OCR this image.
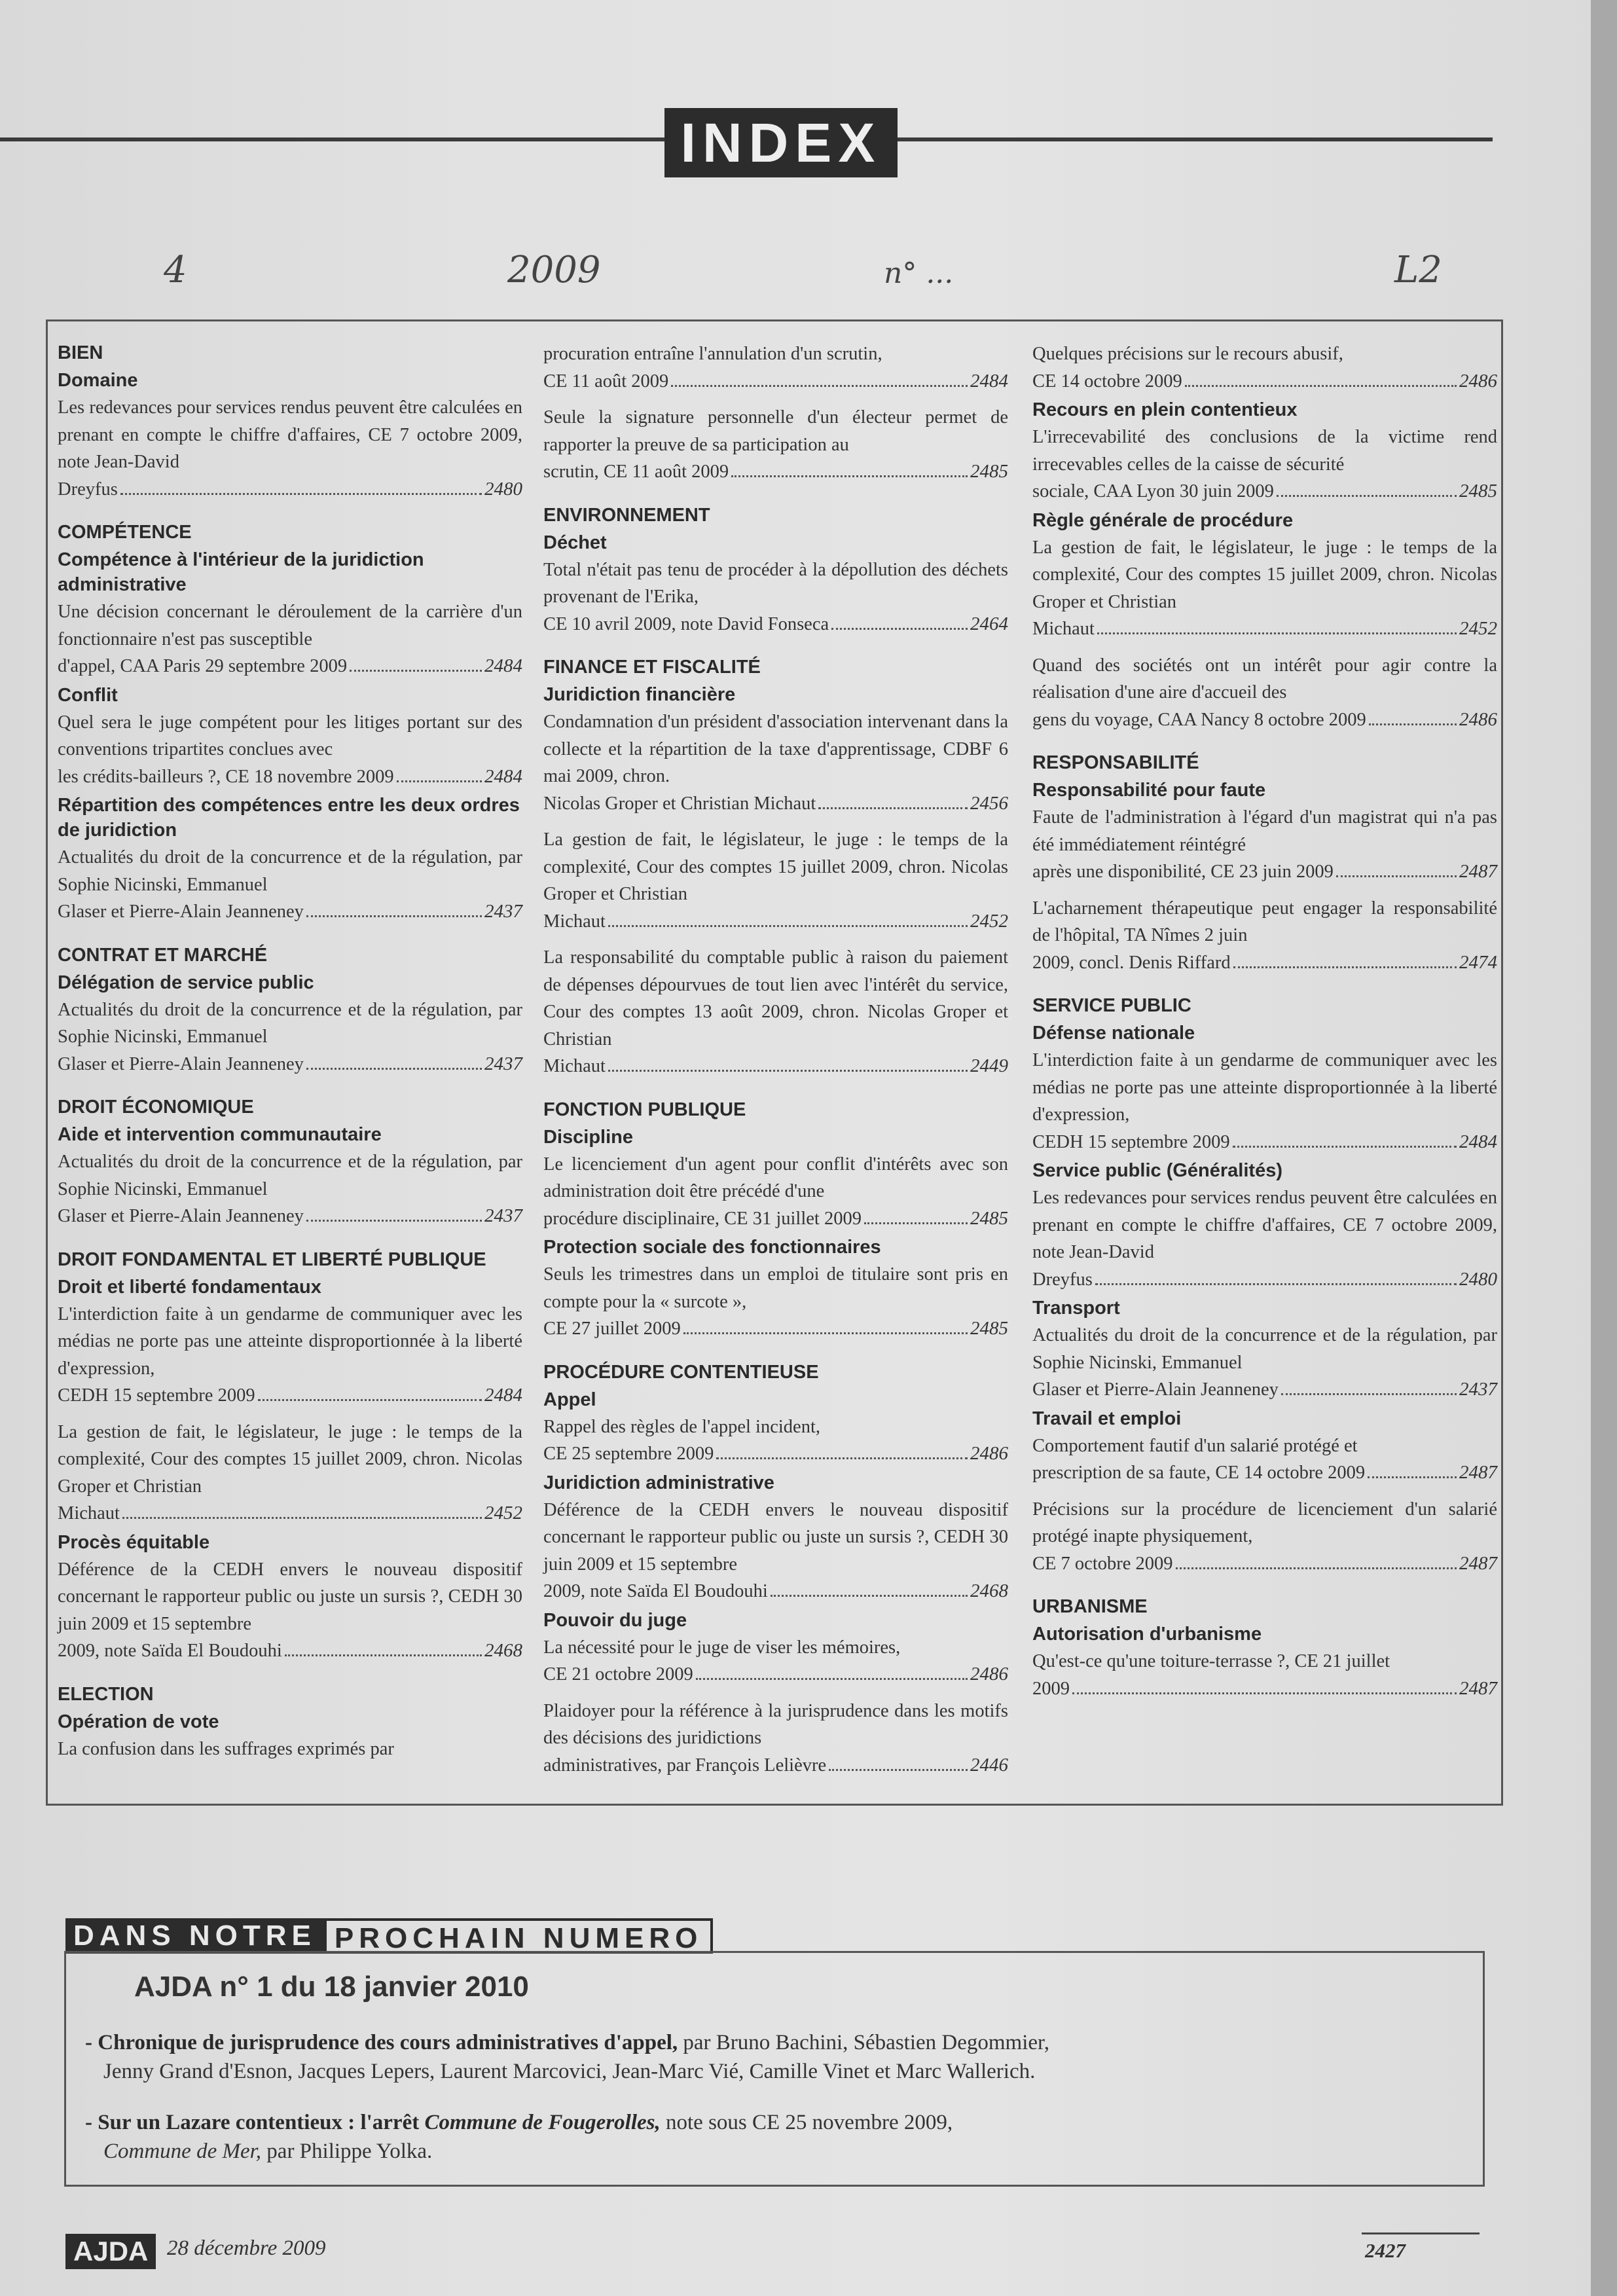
INDEX
4	2009	n° ...	L2
BIEN
Domaine
Les redevances pour services rendus peuvent être calculées en prenant en compte le chiffre d'affaires, CE 7 octobre 2009, note Jean-David
Dreyfus	2480
COMPÉTENCE
Compétence à l'intérieur de la juridiction administrative
Une décision concernant le déroulement de la carrière d'un fonctionnaire n'est pas susceptible
d'appel, CAA Paris 29 septembre 2009	2484
Conflit
Quel sera le juge compétent pour les litiges portant sur des conventions tripartites conclues avec
les crédits-bailleurs ?, CE 18 novembre 2009	2484
Répartition des compétences entre les deux ordres de juridiction
Actualités du droit de la concurrence et de la régulation, par Sophie Nicinski, Emmanuel
Glaser et Pierre-Alain Jeanneney	2437
CONTRAT ET MARCHÉ
Délégation de service public
Actualités du droit de la concurrence et de la régulation, par Sophie Nicinski, Emmanuel
Glaser et Pierre-Alain Jeanneney	2437
DROIT ÉCONOMIQUE
Aide et intervention communautaire
Actualités du droit de la concurrence et de la régulation, par Sophie Nicinski, Emmanuel
Glaser et Pierre-Alain Jeanneney	2437
DROIT FONDAMENTAL ET LIBERTÉ PUBLIQUE
Droit et liberté fondamentaux
L'interdiction faite à un gendarme de communiquer avec les médias ne porte pas une atteinte disproportionnée à la liberté d'expression,
CEDH 15 septembre 2009	2484
La gestion de fait, le législateur, le juge : le temps de la complexité, Cour des comptes 15 juillet 2009, chron. Nicolas Groper et Christian
Michaut	2452
Procès équitable
Déférence de la CEDH envers le nouveau dispositif concernant le rapporteur public ou juste un sursis ?, CEDH 30 juin 2009 et 15 septembre
2009, note Saïda El Boudouhi	2468
ELECTION
Opération de vote
La confusion dans les suffrages exprimés par
procuration entraîne l'annulation d'un scrutin,
CE 11 août 2009	2484
Seule la signature personnelle d'un électeur permet de rapporter la preuve de sa participation au
scrutin, CE 11 août 2009	2485
ENVIRONNEMENT
Déchet
Total n'était pas tenu de procéder à la dépollution des déchets provenant de l'Erika,
CE 10 avril 2009, note David Fonseca	2464
FINANCE ET FISCALITÉ
Juridiction financière
Condamnation d'un président d'association intervenant dans la collecte et la répartition de la taxe d'apprentissage, CDBF 6 mai 2009, chron.
Nicolas Groper et Christian Michaut	2456
La gestion de fait, le législateur, le juge : le temps de la complexité, Cour des comptes 15 juillet 2009, chron. Nicolas Groper et Christian
Michaut	2452
La responsabilité du comptable public à raison du paiement de dépenses dépourvues de tout lien avec l'intérêt du service, Cour des comptes 13 août 2009, chron. Nicolas Groper et Christian
Michaut	2449
FONCTION PUBLIQUE
Discipline
Le licenciement d'un agent pour conflit d'intérêts avec son administration doit être précédé d'une
procédure disciplinaire, CE 31 juillet 2009	2485
Protection sociale des fonctionnaires
Seuls les trimestres dans un emploi de titulaire sont pris en compte pour la « surcote »,
CE 27 juillet 2009	2485
PROCÉDURE CONTENTIEUSE
Appel
Rappel des règles de l'appel incident,
CE 25 septembre 2009	2486
Juridiction administrative
Déférence de la CEDH envers le nouveau dispositif concernant le rapporteur public ou juste un sursis ?, CEDH 30 juin 2009 et 15 septembre
2009, note Saïda El Boudouhi	2468
Pouvoir du juge
La nécessité pour le juge de viser les mémoires,
CE 21 octobre 2009	2486
Plaidoyer pour la référence à la jurisprudence dans les motifs des décisions des juridictions
administratives, par François Lelièvre	2446
Quelques précisions sur le recours abusif,
CE 14 octobre 2009	2486
Recours en plein contentieux
L'irrecevabilité des conclusions de la victime rend irrecevables celles de la caisse de sécurité
sociale, CAA Lyon 30 juin 2009	2485
Règle générale de procédure
La gestion de fait, le législateur, le juge : le temps de la complexité, Cour des comptes 15 juillet 2009, chron. Nicolas Groper et Christian
Michaut	2452
Quand des sociétés ont un intérêt pour agir contre la réalisation d'une aire d'accueil des
gens du voyage, CAA Nancy 8 octobre 2009	2486
RESPONSABILITÉ
Responsabilité pour faute
Faute de l'administration à l'égard d'un magistrat qui n'a pas été immédiatement réintégré
après une disponibilité, CE 23 juin 2009	2487
L'acharnement thérapeutique peut engager la responsabilité de l'hôpital, TA Nîmes 2 juin
2009, concl. Denis Riffard	2474
SERVICE PUBLIC
Défense nationale
L'interdiction faite à un gendarme de communiquer avec les médias ne porte pas une atteinte disproportionnée à la liberté d'expression,
CEDH 15 septembre 2009	2484
Service public (Généralités)
Les redevances pour services rendus peuvent être calculées en prenant en compte le chiffre d'affaires, CE 7 octobre 2009, note Jean-David
Dreyfus	2480
Transport
Actualités du droit de la concurrence et de la régulation, par Sophie Nicinski, Emmanuel
Glaser et Pierre-Alain Jeanneney	2437
Travail et emploi
Comportement fautif d'un salarié protégé et
prescription de sa faute, CE 14 octobre 2009	2487
Précisions sur la procédure de licenciement d'un salarié protégé inapte physiquement,
CE 7 octobre 2009	2487
URBANISME
Autorisation d'urbanisme
Qu'est-ce qu'une toiture-terrasse ?, CE 21 juillet
2009	2487
DANS NOTRE PROCHAIN NUMERO
AJDA n° 1 du 18 janvier 2010
- Chronique de jurisprudence des cours administratives d'appel, par Bruno Bachini, Sébastien Degommier,
Jenny Grand d'Esnon, Jacques Lepers, Laurent Marcovici, Jean-Marc Vié, Camille Vinet et Marc Wallerich.
- Sur un Lazare contentieux : l'arrêt Commune de Fougerolles, note sous CE 25 novembre 2009,
Commune de Mer, par Philippe Yolka.
AJDA 28 décembre 2009	2427
